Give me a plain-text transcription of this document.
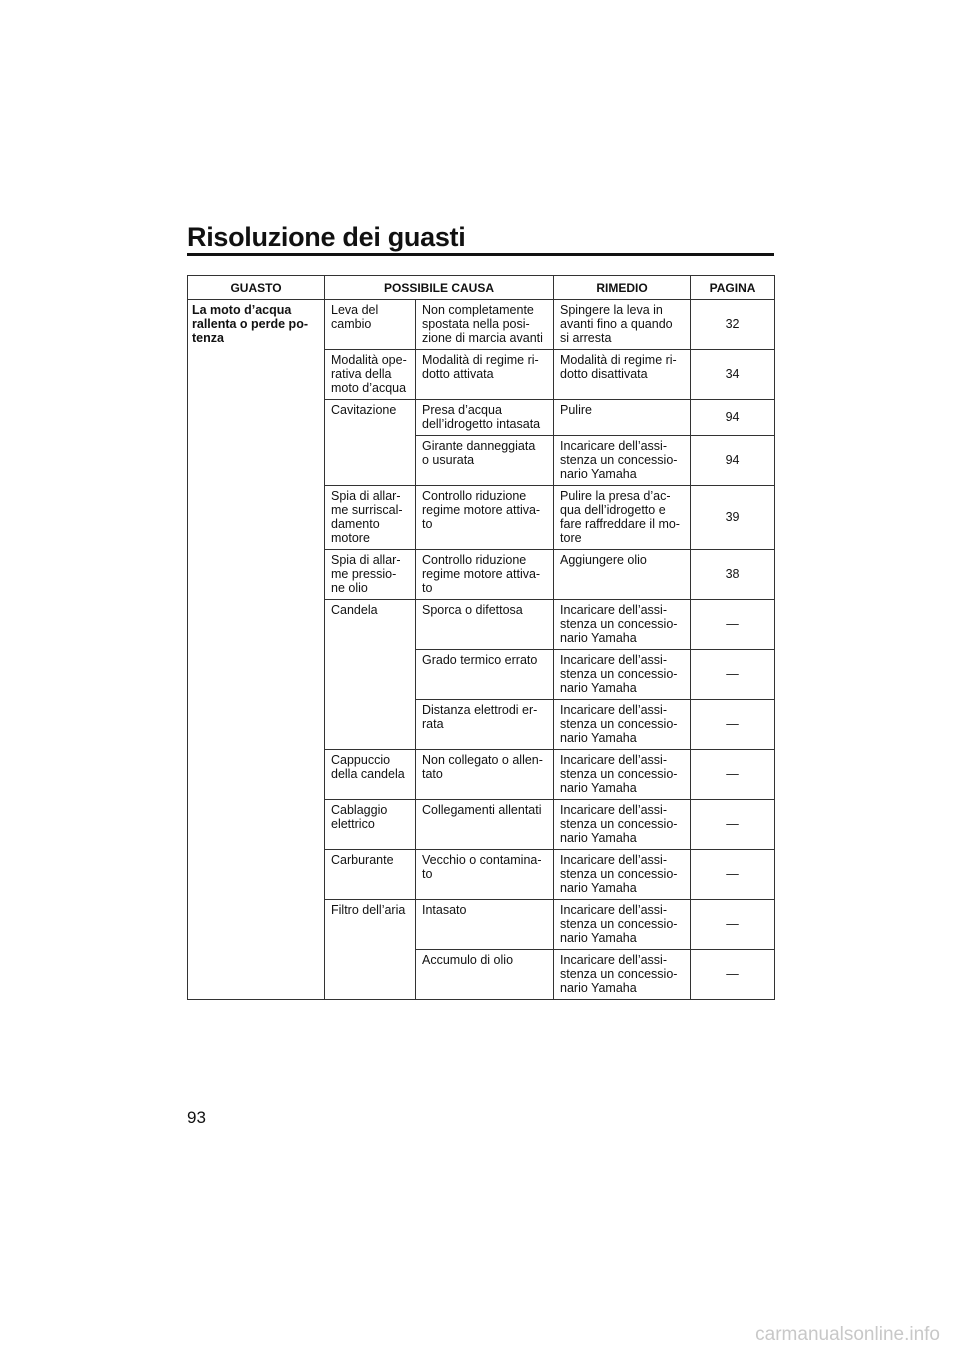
Risoluzione dei guasti
GUASTO	POSSIBILE CAUSA		RIMEDIO	PAGINA
La moto d’acqua
rallenta o perde po-
tenza	Leva del
cambio	Non completamente
spostata nella posi-
zione di marcia avanti	Spingere la leva in
avanti fino a quando
si arresta	32
	Modalità ope-
rativa della
moto d’acqua	Modalità di regime ri-
dotto attivata	Modalità di regime ri-
dotto disattivata	34
	Cavitazione	Presa d’acqua
dell’idrogetto intasata	Pulire	94
		Girante danneggiata
o usurata	Incaricare dell’assi-
stenza un concessio-
nario Yamaha	94
	Spia di allar-
me surriscal-
damento
motore	Controllo riduzione
regime motore attiva-
to	Pulire la presa d’ac-
qua dell’idrogetto e
fare raffreddare il mo-
tore	39
	Spia di allar-
me pressio-
ne olio	Controllo riduzione
regime motore attiva-
to	Aggiungere olio	38
	Candela	Sporca o difettosa	Incaricare dell’assi-
stenza un concessio-
nario Yamaha	—
		Grado termico errato	Incaricare dell’assi-
stenza un concessio-
nario Yamaha	—
		Distanza elettrodi er-
rata	Incaricare dell’assi-
stenza un concessio-
nario Yamaha	—
	Cappuccio
della candela	Non collegato o allen-
tato	Incaricare dell’assi-
stenza un concessio-
nario Yamaha	—
	Cablaggio
elettrico	Collegamenti allentati	Incaricare dell’assi-
stenza un concessio-
nario Yamaha	—
	Carburante	Vecchio o contamina-
to	Incaricare dell’assi-
stenza un concessio-
nario Yamaha	—
	Filtro dell’aria	Intasato	Incaricare dell’assi-
stenza un concessio-
nario Yamaha	—
		Accumulo di olio	Incaricare dell’assi-
stenza un concessio-
nario Yamaha	—
93
carmanualsonline.info
